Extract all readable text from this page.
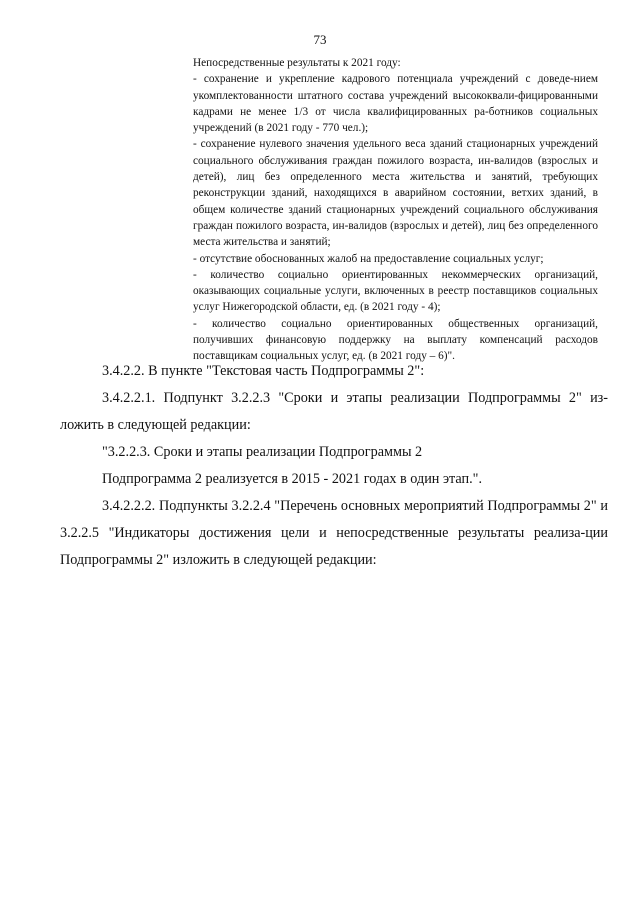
73
Непосредственные результаты к 2021 году:
- сохранение и укрепление кадрового потенциала учреждений с доведе-нием укомплектованности штатного состава учреждений высококвали-фицированными кадрами не менее 1/3 от числа квалифицированных ра-ботников социальных учреждений (в 2021 году - 770 чел.);
- сохранение нулевого значения удельного веса зданий стационарных учреждений социального обслуживания граждан пожилого возраста, ин-валидов (взрослых и детей), лиц без определенного места жительства и занятий, требующих реконструкции зданий, находящихся в аварийном состоянии, ветхих зданий, в общем количестве зданий стационарных учреждений социального обслуживания граждан пожилого возраста, ин-валидов (взрослых и детей), лиц без определенного места жительства и занятий;
- отсутствие обоснованных жалоб на предоставление социальных услуг;
- количество социально ориентированных некоммерческих организаций, оказывающих социальные услуги, включенных в реестр поставщиков социальных услуг Нижегородской области, ед. (в 2021 году - 4);
- количество социально ориентированных общественных организаций, получивших финансовую поддержку на выплату компенсаций расходов поставщикам социальных услуг, ед. (в 2021 году – 6)".

3.4.2.2. В пункте "Текстовая часть Подпрограммы 2":

3.4.2.2.1. Подпункт 3.2.2.3 "Сроки и этапы реализации Подпрограммы 2" из-ложить в следующей редакции:

"3.2.2.3. Сроки и этапы реализации Подпрограммы 2

Подпрограмма 2 реализуется в 2015 - 2021 годах в один этап.".

3.4.2.2.2. Подпункты 3.2.2.4 "Перечень основных мероприятий Подпрограммы 2" и 3.2.2.5 "Индикаторы достижения цели и непосредственные результаты реализа-ции Подпрограммы 2" изложить в следующей редакции:
